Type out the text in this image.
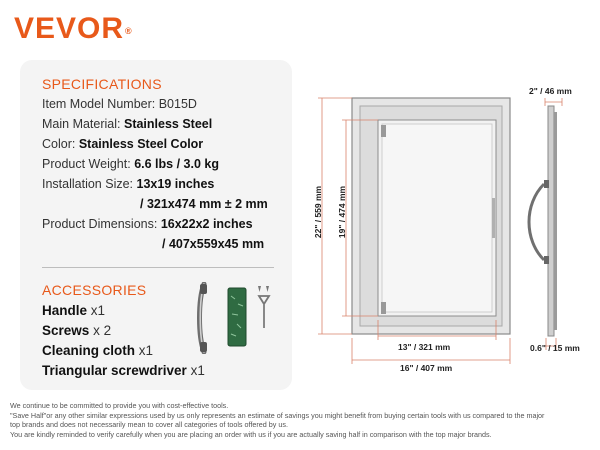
VEVOR®
SPECIFICATIONS
Item Model Number: B015D
Main Material: Stainless Steel
Color: Stainless Steel Color
Product Weight: 6.6 lbs / 3.0 kg
Installation Size: 13x19 inches
/ 321x474 mm ± 2 mm
Product Dimensions: 16x22x2 inches
/ 407x559x45 mm
ACCESSORIES
Handle x1
Screws x 2
Cleaning cloth x1
Triangular screwdriver x1
2" / 46 mm
22" / 559 mm 19" / 474 mm
13" / 321 mm
16" / 407 mm
0.6" / 15 mm
We continue to be committed to provide you with cost-effective tools.
"Save Half"or any other similar expressions used by us only represents an estimate of savings you might benefit from buying certain tools with us compared to the major
top brands and does not necessarily mean to cover all categories of tools offered by us.
You are kindly reminded to verify carefully when you are placing an order with us if you are actually saving half in comparison with the top major brands.
